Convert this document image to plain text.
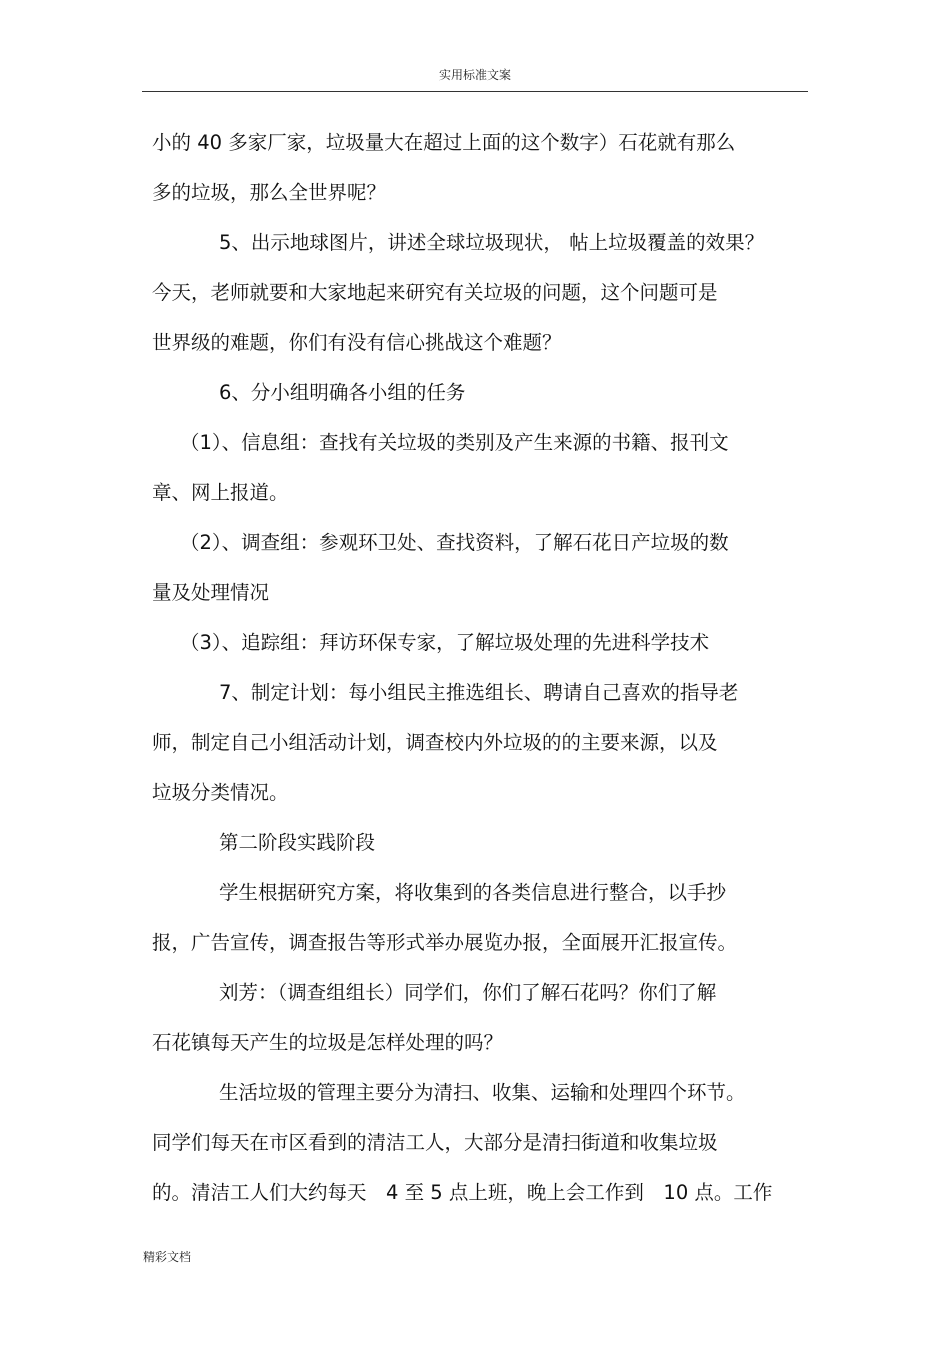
实用标准文案
小的 40 多家厂家，垃圾量大在超过上面的这个数字）石花就有那么
多的垃圾，那么全世界呢？
5、出示地球图片，讲述全球垃圾现状， 帖上垃圾覆盖的效果？
今天，老师就要和大家地起来研究有关垃圾的问题，这个问题可是
世界级的难题，你们有没有信心挑战这个难题？
6、分小组明确各小组的任务
（1）、信息组：查找有关垃圾的类别及产生来源的书籍、报刊文
章、网上报道。
（2）、调查组：参观环卫处、查找资料，了解石花日产垃圾的数
量及处理情况
（3）、追踪组：拜访环保专家，了解垃圾处理的先进科学技术
7、制定计划：每小组民主推选组长、聘请自己喜欢的指导老
师，制定自己小组活动计划，调查校内外垃圾的的主要来源，以及
垃圾分类情况。
第二阶段实践阶段
学生根据研究方案，将收集到的各类信息进行整合，以手抄
报，广告宣传，调查报告等形式举办展览办报，全面展开汇报宣传。
刘芳：（调查组组长）同学们，你们了解石花吗？你们了解
石花镇每天产生的垃圾是怎样处理的吗？
生活垃圾的管理主要分为清扫、收集、运输和处理四个环节。
同学们每天在市区看到的清洁工人，大部分是清扫街道和收集垃圾
的。清洁工人们大约每天　4 至 5 点上班，晚上会工作到　10 点。工作
精彩文档
